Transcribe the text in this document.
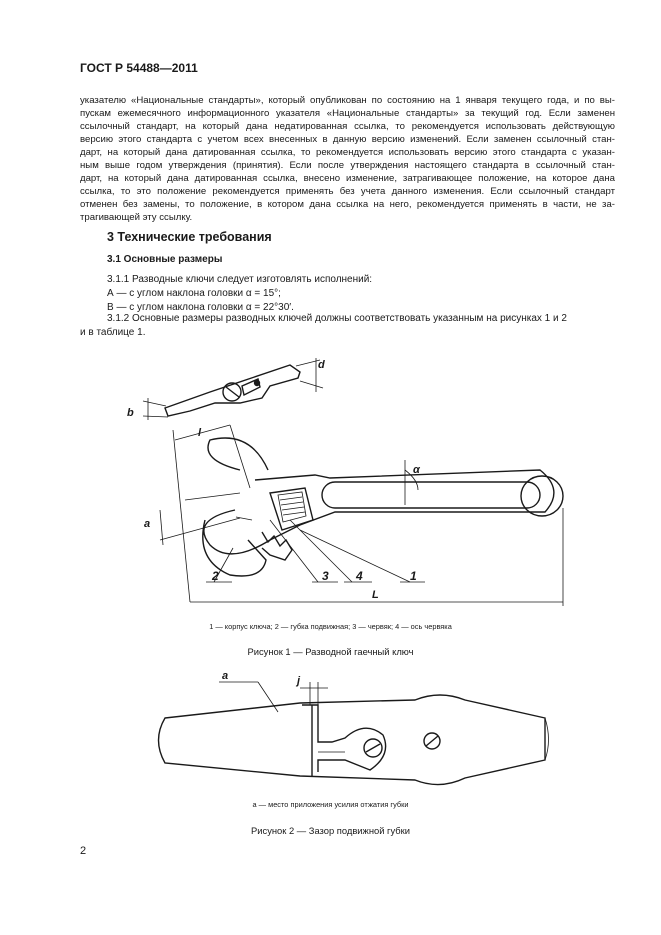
ГОСТ Р 54488—2011
указателю «Национальные стандарты», который опубликован по состоянию на 1 января текущего года, и по вы-
пускам ежемесячного информационного указателя «Национальные стандарты» за текущий год. Если заменен
ссылочный стандарт, на который дана недатированная ссылка, то рекомендуется использовать действующую
версию этого стандарта с учетом всех внесенных в данную версию изменений. Если заменен ссылочный стан-
дарт, на который дана датированная ссылка, то рекомендуется использовать версию этого стандарта с указан-
ным выше годом утверждения (принятия). Если после утверждения настоящего стандарта в ссылочный стан-
дарт, на который дана датированная ссылка, внесено изменение, затрагивающее положение, на которое дана
ссылка, то это положение рекомендуется применять без учета данного изменения. Если ссылочный стандарт
отменен без замены, то положение, в котором дана ссылка на него, рекомендуется применять в части, не за-
трагивающей эту ссылку.
3 Технические требования
3.1 Основные размеры
3.1.1 Разводные ключи следует изготовлять исполнений:
А — с углом наклона головки α = 15°;
В — с углом наклона головки α = 22°30′.
3.1.2 Основные размеры разводных ключей должны соответствовать указанным на рисунках 1 и 2
и в таблице 1.
d
b
l
a
α
L
2	3 4	1
1 — корпус ключа; 2 — губка подвижная; 3 — червяк; 4 — ось червяка
Рисунок 1 — Разводной гаечный ключ
а	j
а — место приложения усилия отжатия губки
Рисунок 2 — Зазор подвижной губки
2
